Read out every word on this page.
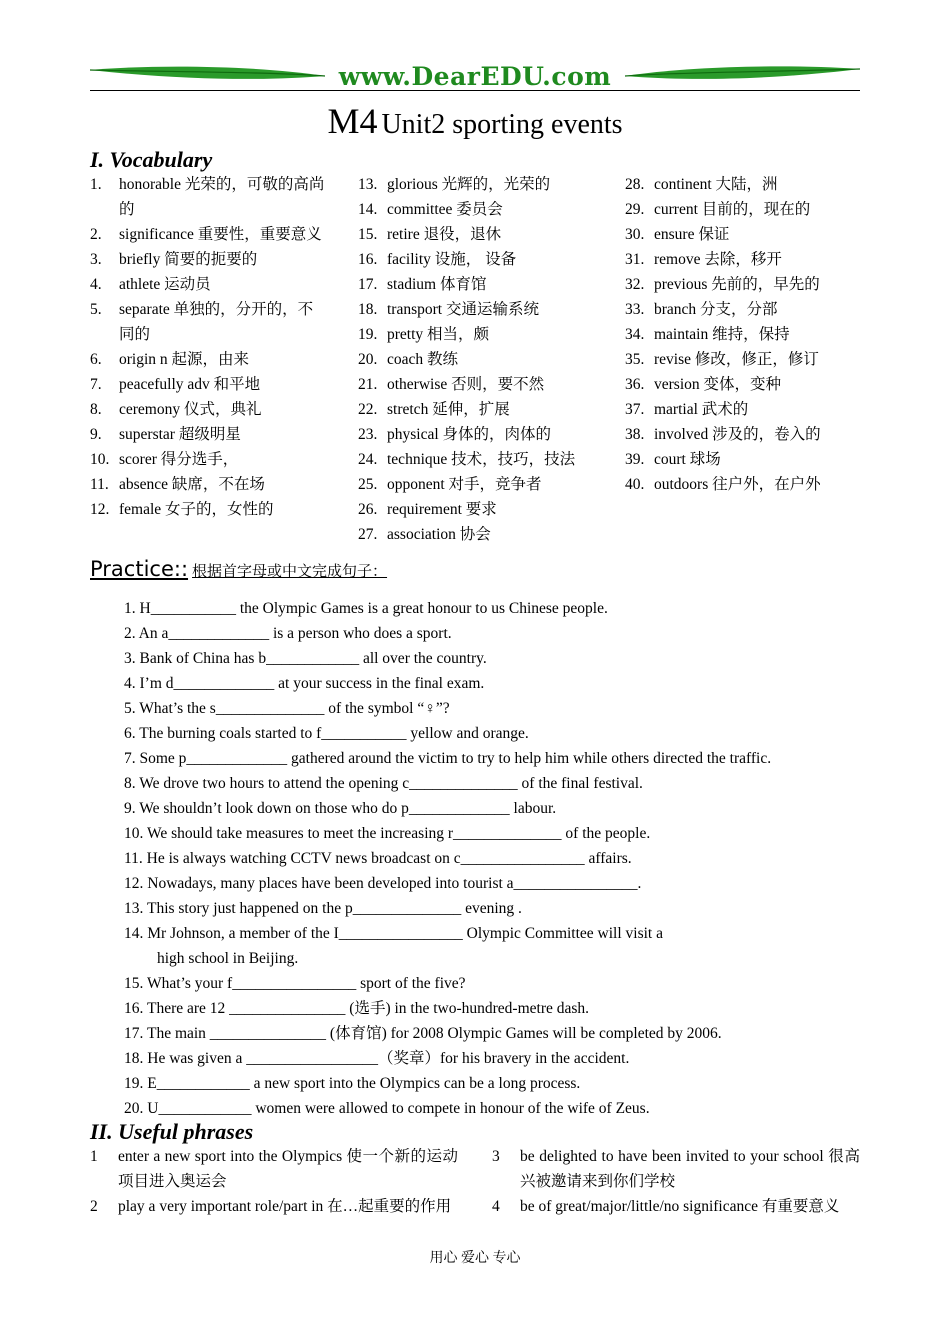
www.DearEDU.com
M4 Unit2 sporting events
I. Vocabulary
1. honorable 光荣的，可敬的高尚的
2. significance 重要性，重要意义
3. briefly 简要的扼要的
4. athlete 运动员
5. separate 单独的，分开的，不同的
6. origin n 起源，由来
7. peacefully adv 和平地
8. ceremony 仪式，典礼
9. superstar 超级明星
10. scorer 得分选手，
11. absence 缺席，不在场
12. female 女子的，女性的
13. glorious 光辉的，光荣的
14. committee 委员会
15. retire 退役，退休
16. facility 设施， 设备
17. stadium 体育馆
18. transport 交通运输系统
19. pretty 相当，颇
20. coach 教练
21. otherwise 否则，要不然
22. stretch 延伸，扩展
23. physical 身体的，肉体的
24. technique 技术，技巧，技法
25. opponent 对手，竞争者
26. requirement 要求
27. association 协会
28. continent 大陆，洲
29. current 目前的，现在的
30. ensure 保证
31. remove 去除，移开
32. previous 先前的，早先的
33. branch 分支，分部
34. maintain 维持，保持
35. revise 修改，修正，修订
36. version 变体，变种
37. martial 武术的
38. involved 涉及的，卷入的
39. court 球场
40. outdoors 往户外，在户外
Practice:: 根据首字母或中文完成句子：
1. H___________ the Olympic Games is a great honour to us Chinese people.
2. An a_____________ is a person who does a sport.
3. Bank of China has b____________ all over the country.
4. I’m d_____________ at your success in the final exam.
5. What’s the s______________ of the symbol “♀”?
6. The burning coals started to f___________ yellow and orange.
7. Some p_____________ gathered around the victim to try to help him while others directed the traffic.
8. We drove two hours to attend the opening c______________ of the final festival.
9. We shouldn’t look down on those who do p_____________ labour.
10. We should take measures to meet the increasing r______________ of the people.
11. He is always watching CCTV news broadcast on c________________ affairs.
12. Nowadays, many places have been developed into tourist a________________.
13. This story just happened on the p______________ evening .
14. Mr Johnson, a member of the I________________ Olympic Committee will visit a
high school in Beijing.
15. What’s your f________________ sport of the five?
16. There are 12 _______________ (选手) in the two-hundred-metre dash.
17. The main _______________ (体育馆) for 2008 Olympic Games will be completed by 2006.
18. He was given a _________________（奖章）for his bravery in the accident.
19. E____________ a new sport into the Olympics can be a long process.
20. U____________ women were allowed to compete in honour of the wife of Zeus.
II. Useful phrases
1	enter a new sport into the Olympics 使一个新的运动项目进入奥运会
2	play a very important role/part in 在…起重要的作用
3	be delighted to have been invited to your school 很高兴被邀请来到你们学校
4	be of great/major/little/no significance 有重要意义
用心 爱心 专心
